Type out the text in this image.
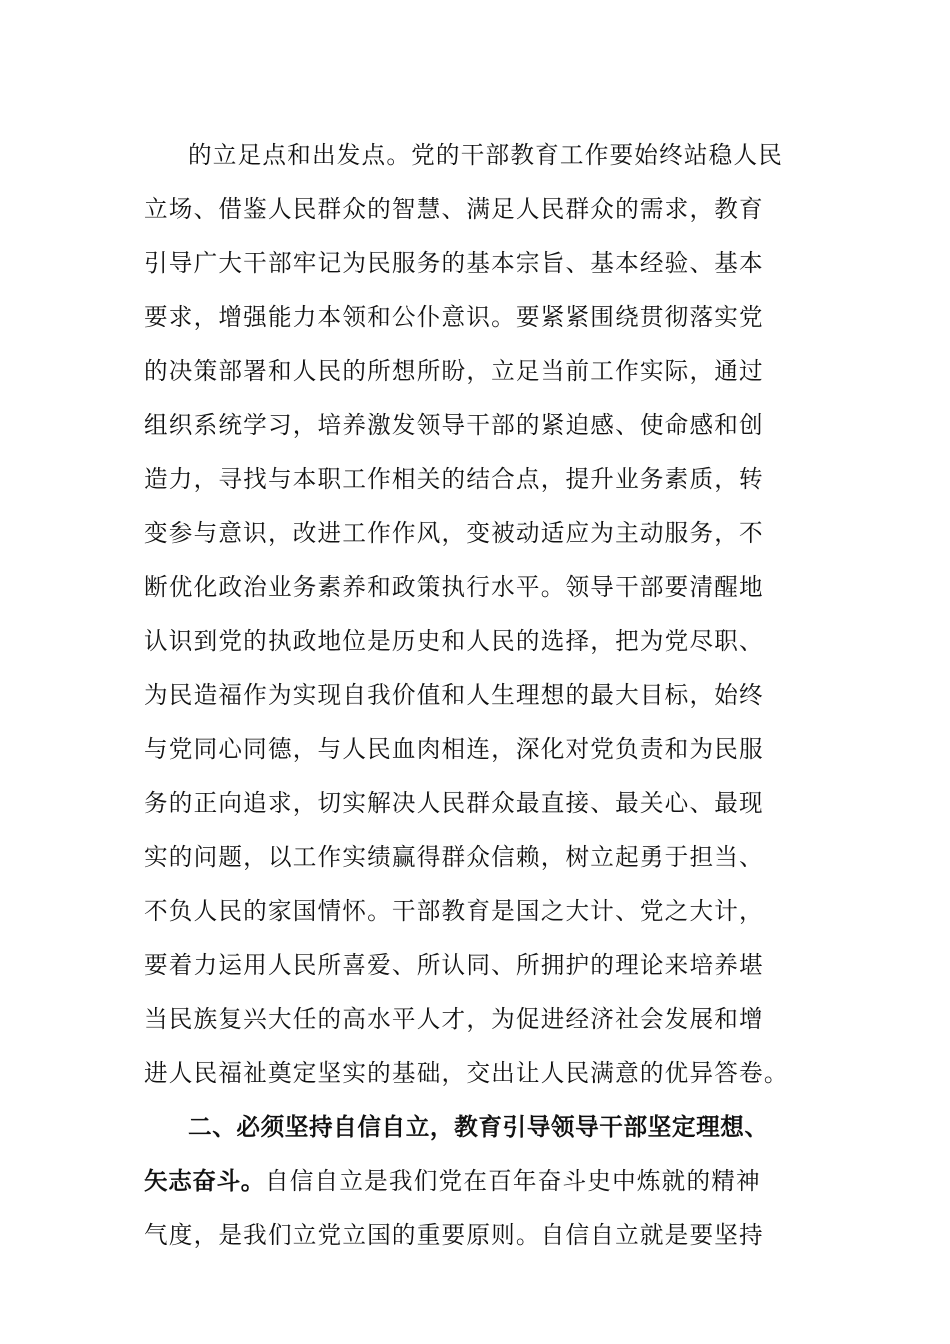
的立足点和出发点。党的干部教育工作要始终站稳人民
立场、借鉴人民群众的智慧、满足人民群众的需求，教育
引导广大干部牢记为民服务的基本宗旨、基本经验、基本
要求，增强能力本领和公仆意识。要紧紧围绕贯彻落实党
的决策部署和人民的所想所盼，立足当前工作实际，通过
组织系统学习，培养激发领导干部的紧迫感、使命感和创
造力，寻找与本职工作相关的结合点，提升业务素质，转
变参与意识，改进工作作风，变被动适应为主动服务，不
断优化政治业务素养和政策执行水平。领导干部要清醒地
认识到党的执政地位是历史和人民的选择，把为党尽职、
为民造福作为实现自我价值和人生理想的最大目标，始终
与党同心同德，与人民血肉相连，深化对党负责和为民服
务的正向追求，切实解决人民群众最直接、最关心、最现
实的问题，以工作实绩赢得群众信赖，树立起勇于担当、
不负人民的家国情怀。干部教育是国之大计、党之大计，
要着力运用人民所喜爱、所认同、所拥护的理论来培养堪
当民族复兴大任的高水平人才，为促进经济社会发展和增
进人民福祉奠定坚实的基础，交出让人民满意的优异答卷。
二、必须坚持自信自立，教育引导领导干部坚定理想、
矢志奋斗。自信自立是我们党在百年奋斗史中炼就的精神
气度，是我们立党立国的重要原则。自信自立就是要坚持
